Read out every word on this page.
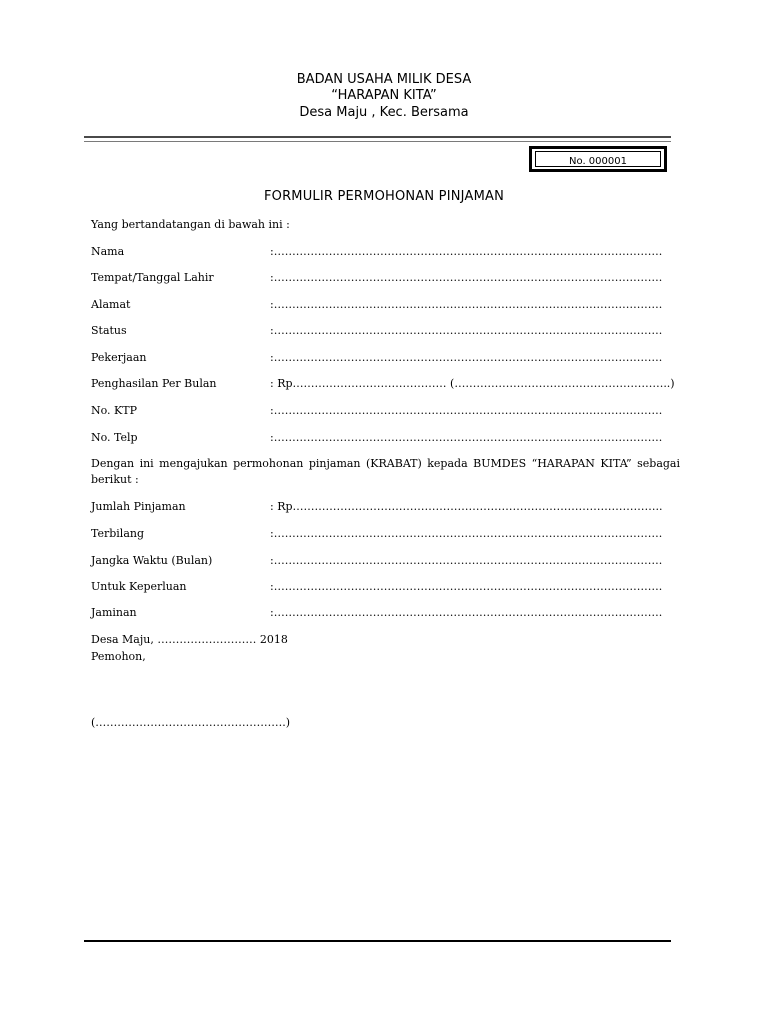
BADAN USAHA MILIK DESA
“HARAPAN KITA”
Desa Maju , Kec. Bersama
No. 000001
FORMULIR PERMOHONAN PINJAMAN
Yang bertandatangan di bawah ini :
Nama	:…………………………………………………………………………………………….
Tempat/Tanggal Lahir	:…………………………………………………………………………………………….
Alamat	:…………………………………………………………………………………………….
Status	:…………………………………………………………………………………………….
Pekerjaan	:…………………………………………………………………………………………….
Penghasilan Per Bulan	: Rp…………………………………… (…………………………………………………..)
No. KTP	:…………………………………………………………………………………………….
No. Telp	:…………………………………………………………………………………………….
Dengan ini mengajukan permohonan pinjaman (KRABAT) kepada BUMDES “HARAPAN KITA” sebagai berikut :
Jumlah Pinjaman	: Rp………………………………………………………………………………………..
Terbilang	:…………………………………………………………………………………………….
Jangka Waktu (Bulan)	:…………………………………………………………………………………………….
Untuk Keperluan	:…………………………………………………………………………………………….
Jaminan	:…………………………………………………………………………………………….
Desa Maju, ……………………… 2018
Pemohon,
(…………………………………………….)
